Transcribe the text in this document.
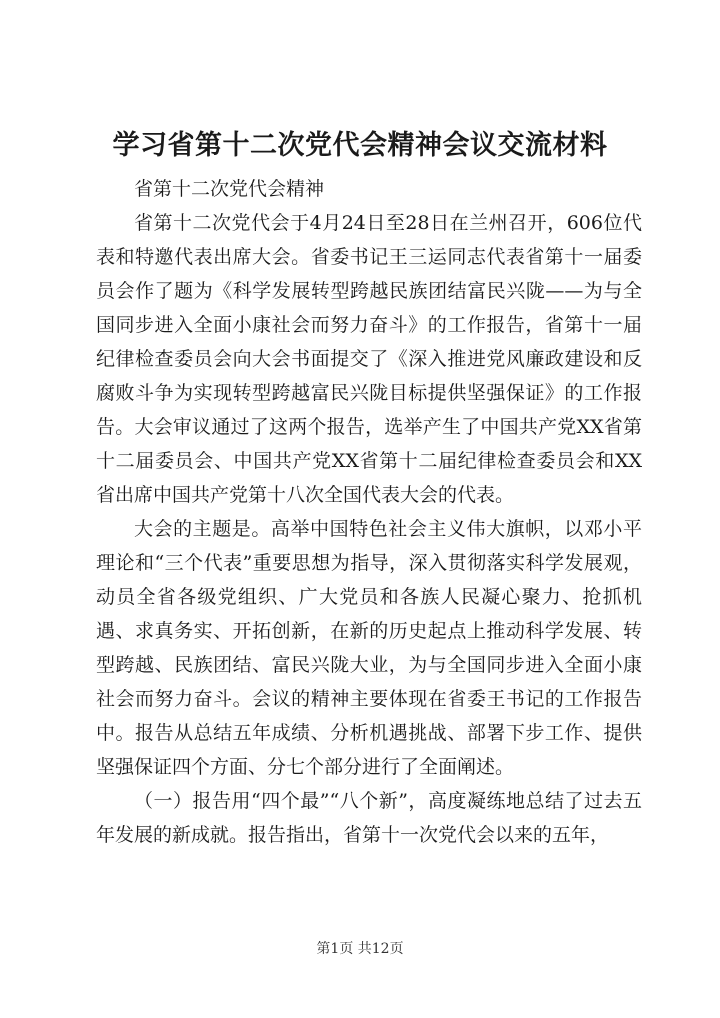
学习省第十二次党代会精神会议交流材料

省第十二次党代会精神

省第十二次党代会于4月24日至28日在兰州召开，606位代表和特邀代表出席大会。省委书记王三运同志代表省第十一届委员会作了题为《科学发展转型跨越民族团结富民兴陇——为与全国同步进入全面小康社会而努力奋斗》的工作报告，省第十一届纪律检查委员会向大会书面提交了《深入推进党风廉政建设和反腐败斗争为实现转型跨越富民兴陇目标提供坚强保证》的工作报告。大会审议通过了这两个报告，选举产生了中国共产党XX省第十二届委员会、中国共产党XX省第十二届纪律检查委员会和XX省出席中国共产党第十八次全国代表大会的代表。

大会的主题是。高举中国特色社会主义伟大旗帜，以邓小平理论和“三个代表”重要思想为指导，深入贯彻落实科学发展观，动员全省各级党组织、广大党员和各族人民凝心聚力、抢抓机遇、求真务实、开拓创新，在新的历史起点上推动科学发展、转型跨越、民族团结、富民兴陇大业，为与全国同步进入全面小康社会而努力奋斗。会议的精神主要体现在省委王书记的工作报告中。报告从总结五年成绩、分析机遇挑战、部署下步工作、提供坚强保证四个方面、分七个部分进行了全面阐述。

（一）报告用“四个最”“八个新”，高度凝练地总结了过去五年发展的新成就。报告指出，省第十一次党代会以来的五年，

第1页 共12页
